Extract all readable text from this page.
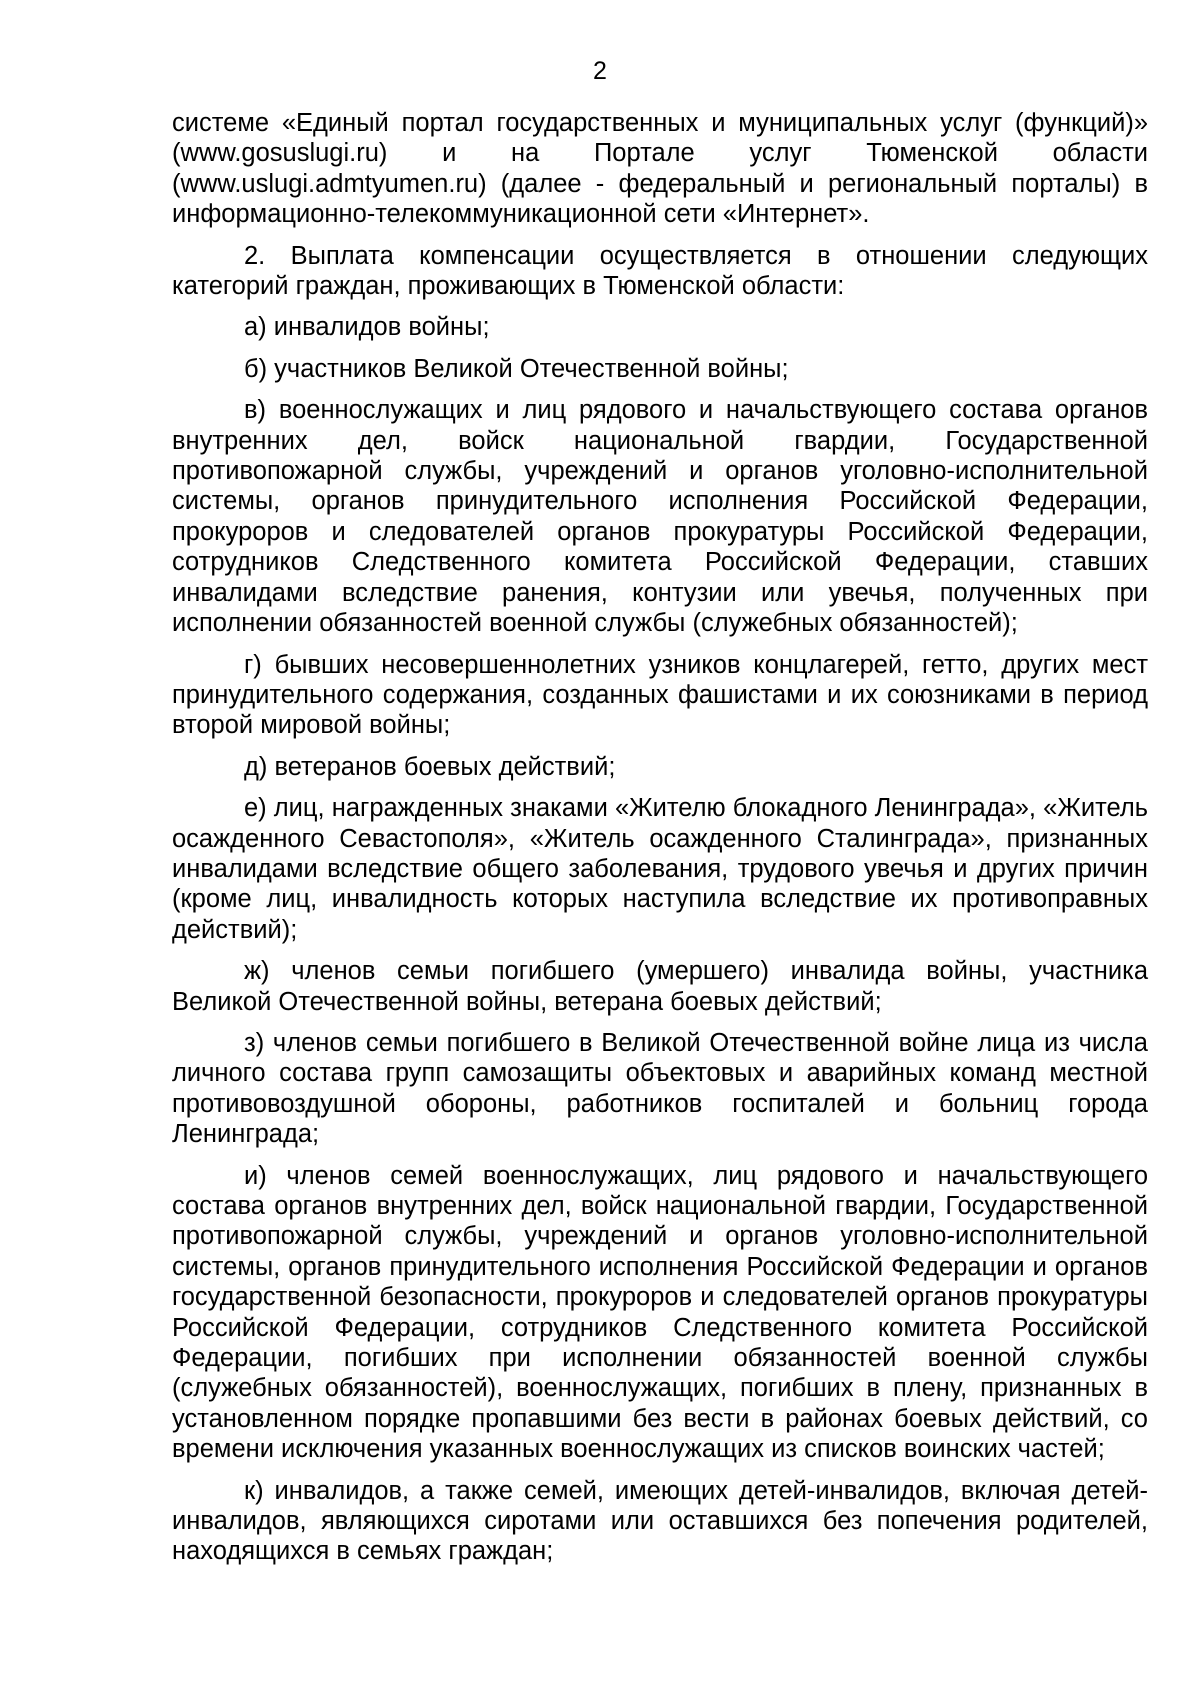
2

системе «Единый портал государственных и муниципальных услуг (функций)» (www.gosuslugi.ru) и на Портале услуг Тюменской области (www.uslugi.admtyumen.ru) (далее - федеральный и региональный порталы) в информационно-телекоммуникационной сети «Интернет».

2. Выплата компенсации осуществляется в отношении следующих категорий граждан, проживающих в Тюменской области:

а) инвалидов войны;

б) участников Великой Отечественной войны;

в) военнослужащих и лиц рядового и начальствующего состава органов внутренних дел, войск национальной гвардии, Государственной противопожарной службы, учреждений и органов уголовно-исполнительной системы, органов принудительного исполнения Российской Федерации, прокуроров и следователей органов прокуратуры Российской Федерации, сотрудников Следственного комитета Российской Федерации, ставших инвалидами вследствие ранения, контузии или увечья, полученных при исполнении обязанностей военной службы (служебных обязанностей);

г) бывших несовершеннолетних узников концлагерей, гетто, других мест принудительного содержания, созданных фашистами и их союзниками в период второй мировой войны;

д) ветеранов боевых действий;

е) лиц, награжденных знаками «Жителю блокадного Ленинграда», «Житель осажденного Севастополя», «Житель осажденного Сталинграда», признанных инвалидами вследствие общего заболевания, трудового увечья и других причин (кроме лиц, инвалидность которых наступила вследствие их противоправных действий);

ж) членов семьи погибшего (умершего) инвалида войны, участника Великой Отечественной войны, ветерана боевых действий;

з) членов семьи погибшего в Великой Отечественной войне лица из числа личного состава групп самозащиты объектовых и аварийных команд местной противовоздушной обороны, работников госпиталей и больниц города Ленинграда;

и) членов семей военнослужащих, лиц рядового и начальствующего состава органов внутренних дел, войск национальной гвардии, Государственной противопожарной службы, учреждений и органов уголовно-исполнительной системы, органов принудительного исполнения Российской Федерации и органов государственной безопасности, прокуроров и следователей органов прокуратуры Российской Федерации, сотрудников Следственного комитета Российской Федерации, погибших при исполнении обязанностей военной службы (служебных обязанностей), военнослужащих, погибших в плену, признанных в установленном порядке пропавшими без вести в районах боевых действий, со времени исключения указанных военнослужащих из списков воинских частей;

к) инвалидов, а также семей, имеющих детей-инвалидов, включая детей-инвалидов, являющихся сиротами или оставшихся без попечения родителей, находящихся в семьях граждан;
